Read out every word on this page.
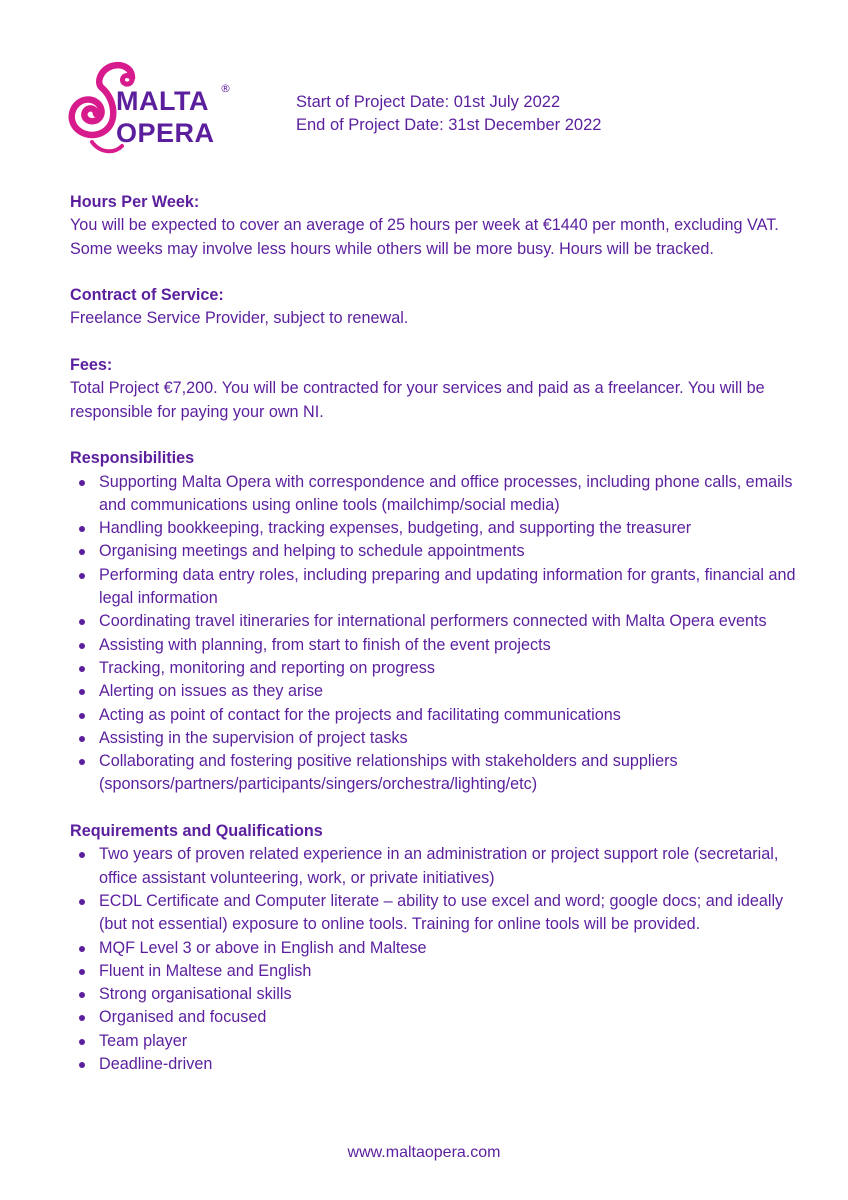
MALTA
OPERA
®
Start of Project Date: 01st July 2022
End of Project Date: 31st December 2022

Hours Per Week:

You will be expected to cover an average of 25 hours per week at €1440 per month, excluding VAT. Some weeks may involve less hours while others will be more busy. Hours will be tracked.

Contract of Service:

Freelance Service Provider, subject to renewal.

Fees:

Total Project €7,200. You will be contracted for your services and paid as a freelancer. You will be responsible for paying your own NI.

Responsibilities

Supporting Malta Opera with correspondence and office processes, including phone calls, emails and communications using online tools (mailchimp/social media)
Handling bookkeeping, tracking expenses, budgeting, and supporting the treasurer
Organising meetings and helping to schedule appointments
Performing data entry roles, including preparing and updating information for grants, financial and legal information
Coordinating travel itineraries for international performers connected with Malta Opera events
Assisting with planning, from start to finish of the event projects
Tracking, monitoring and reporting on progress
Alerting on issues as they arise
Acting as point of contact for the projects and facilitating communications
Assisting in the supervision of project tasks
Collaborating and fostering positive relationships with stakeholders and suppliers (sponsors/partners/participants/singers/orchestra/lighting/etc)

Requirements and Qualifications

Two years of proven related experience in an administration or project support role (secretarial, office assistant volunteering, work, or private initiatives)
ECDL Certificate and Computer literate – ability to use excel and word; google docs; and ideally (but not essential) exposure to online tools. Training for online tools will be provided.
MQF Level 3 or above in English and Maltese
Fluent in Maltese and English
Strong organisational skills
Organised and focused
Team player
Deadline-driven
www.maltaopera.com
